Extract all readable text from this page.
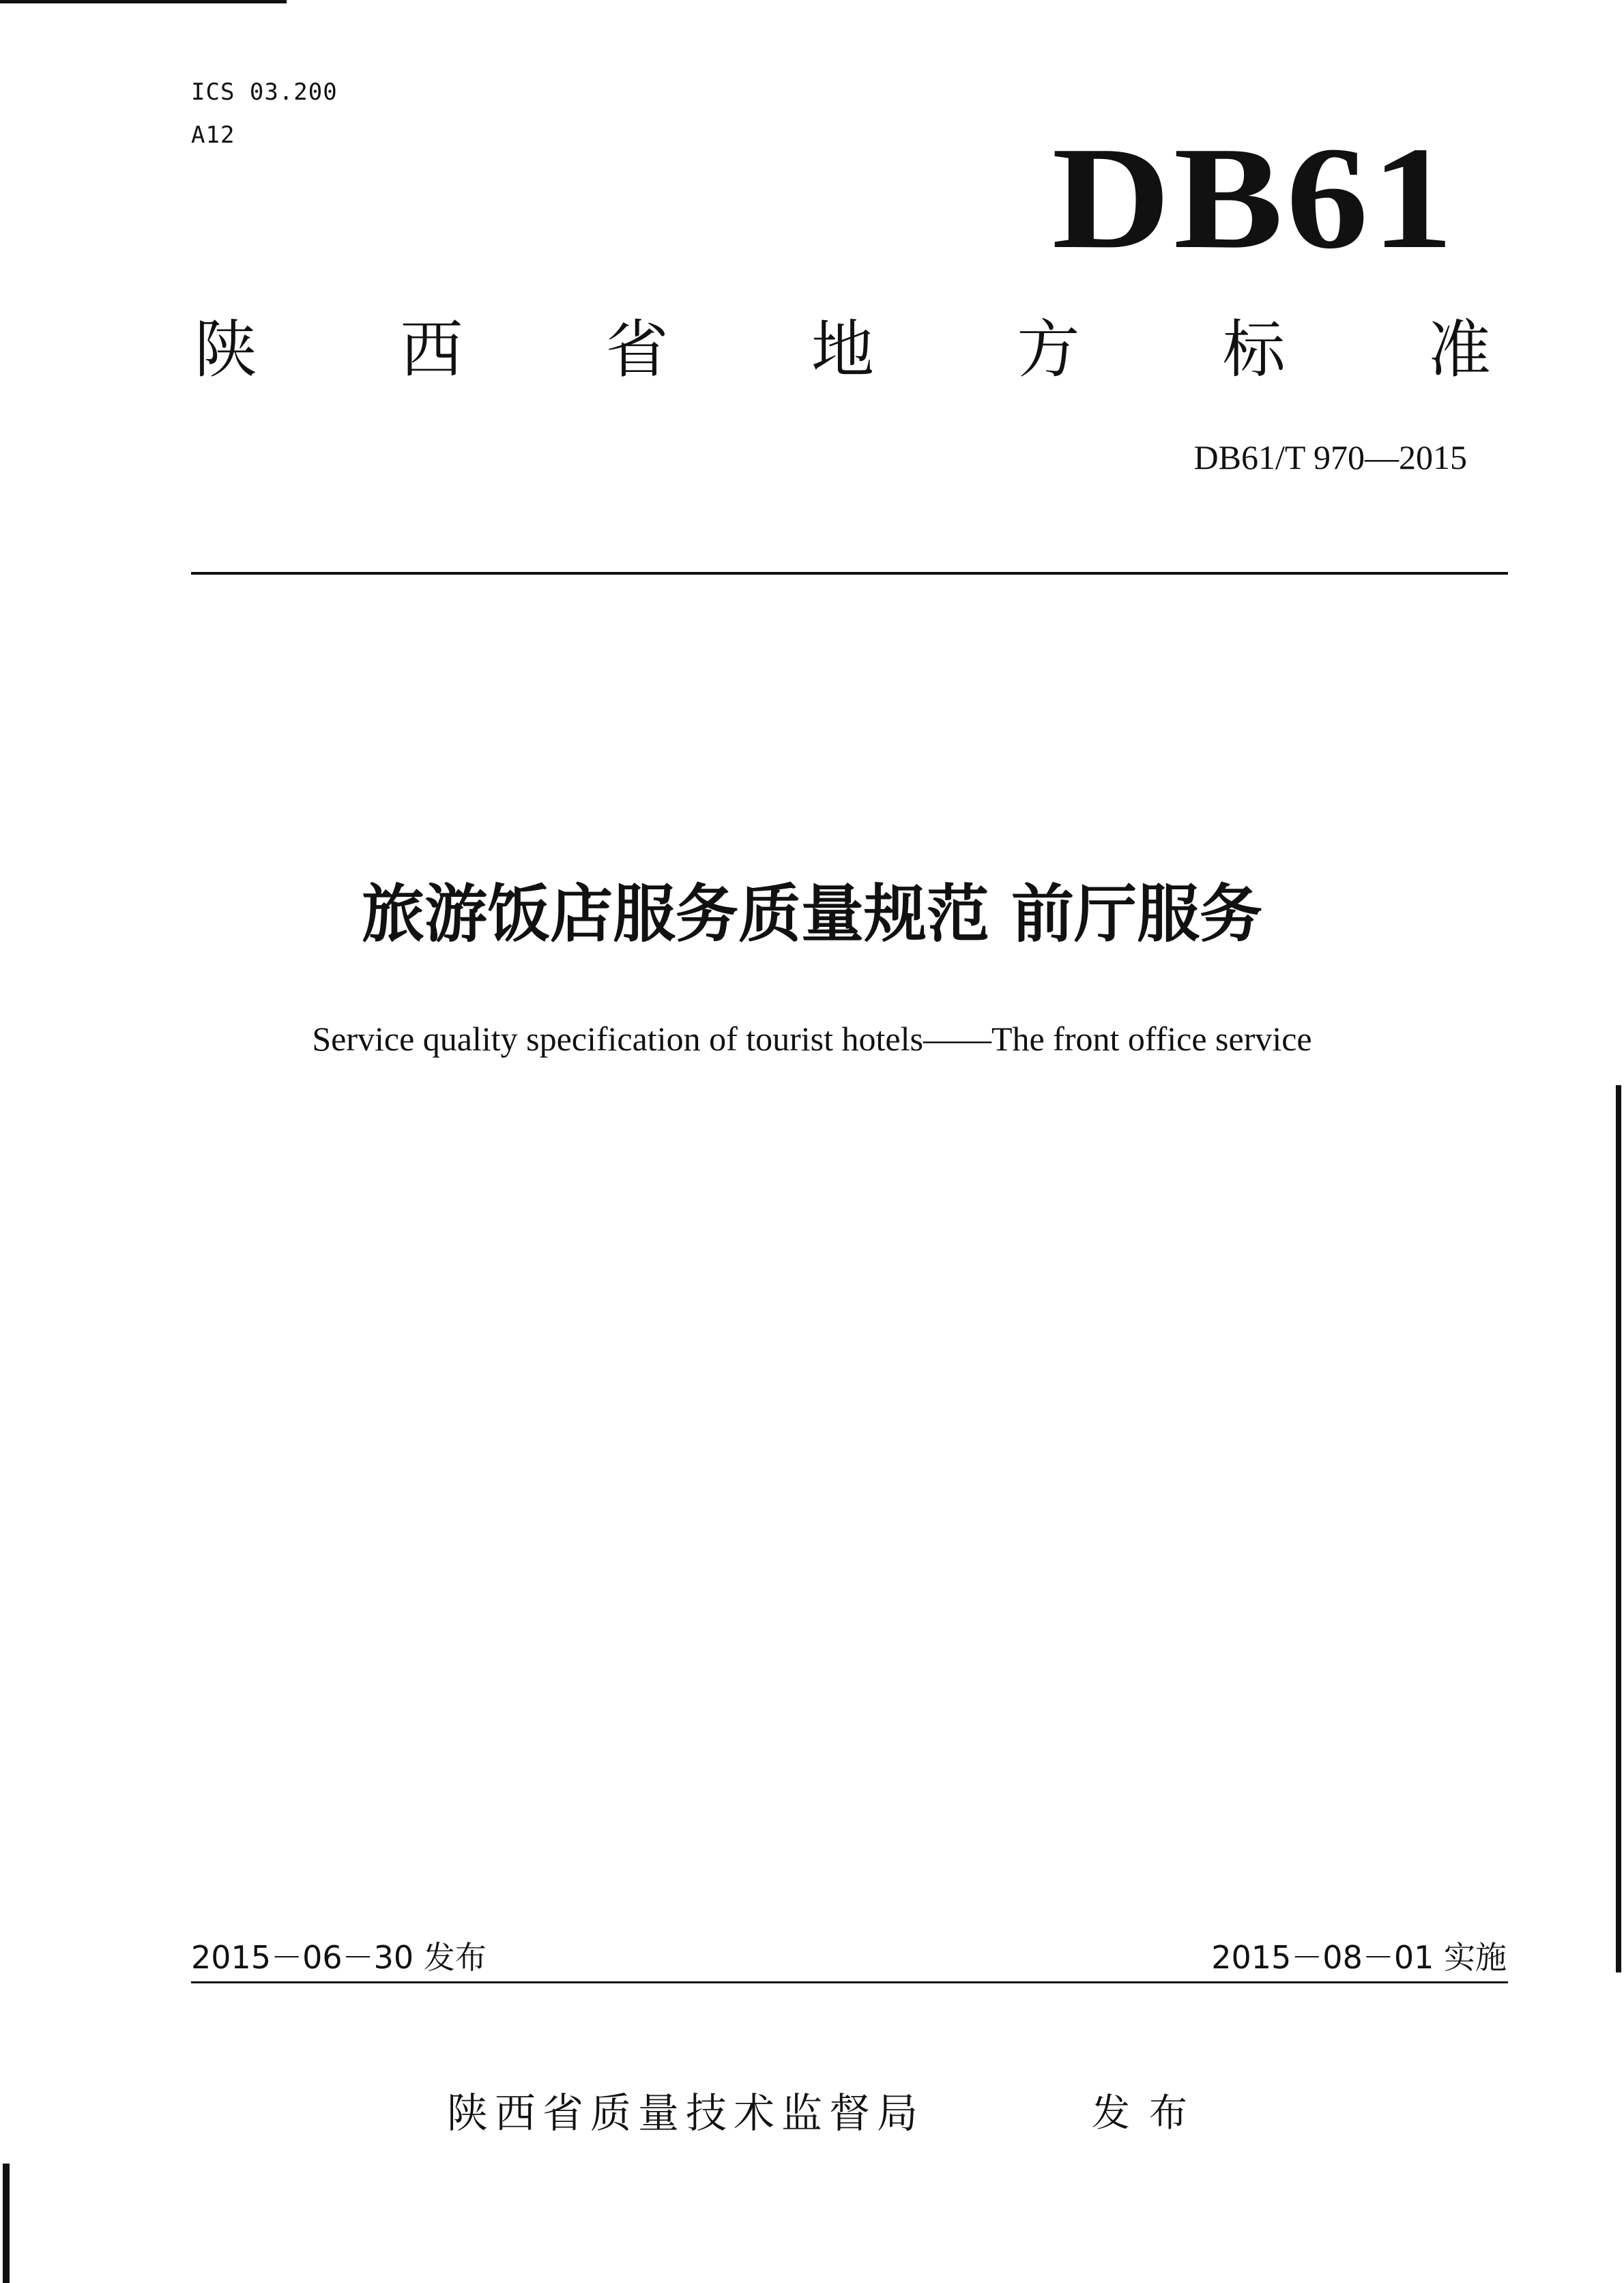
ICS 03.200
A12	DB61
陕 西 省 地 方 标 准
DB61/T 970—2015
旅游饭店服务质量规范 前厅服务
Service quality specification of tourist hotels——The front office service
2015－06－30 发布	2015－08－01 实施
陕西省质量技术监督局	发布
